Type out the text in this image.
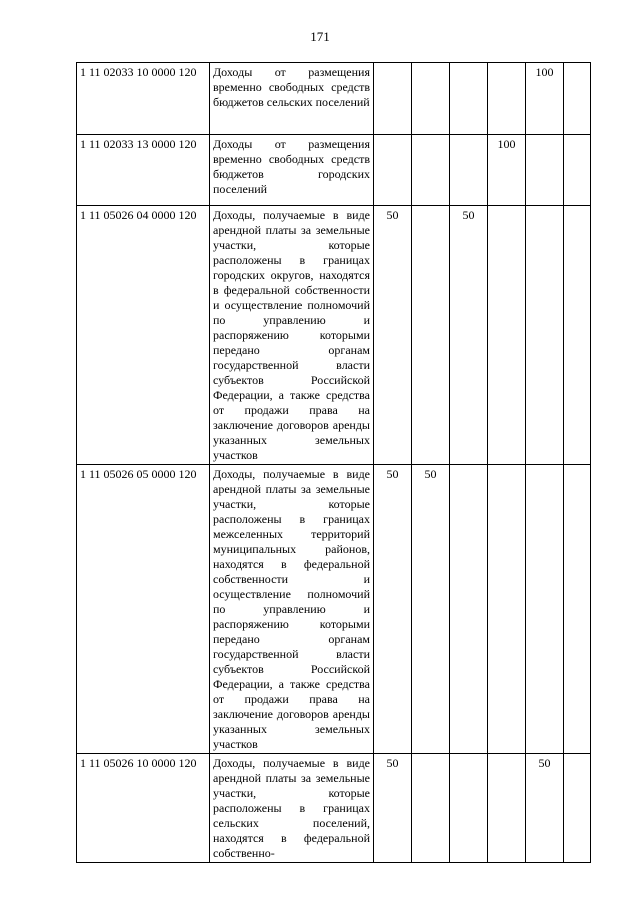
171
1 11 02033 10 0000 120	Доходы от размещения временно свободных средств бюджетов сельских поселений					100	
1 11 02033 13 0000 120	Доходы от размещения временно свободных средств бюджетов городских поселений				100		
1 11 05026 04 0000 120	Доходы, получаемые в виде арендной платы за земельные участки, которые расположены в границах городских округов, находятся в федеральной собственности и осуществление полномочий по управлению и распоряжению которыми передано органам государственной власти субъектов Российской Федерации, а также средства от продажи права на заключение договоров аренды указанных земельных участков	50		50			
1 11 05026 05 0000 120	Доходы, получаемые в виде арендной платы за земельные участки, которые расположены в границах межселенных территорий муниципальных районов, находятся в федеральной собственности и осуществление полномочий по управлению и распоряжению которыми передано органам государственной власти субъектов Российской Федерации, а также средства от продажи права на заключение договоров аренды указанных земельных участков	50	50				
1 11 05026 10 0000 120	Доходы, получаемые в виде арендной платы за земельные участки, которые расположены в границах сельских поселений, находятся в федеральной собственно-	50				50	
